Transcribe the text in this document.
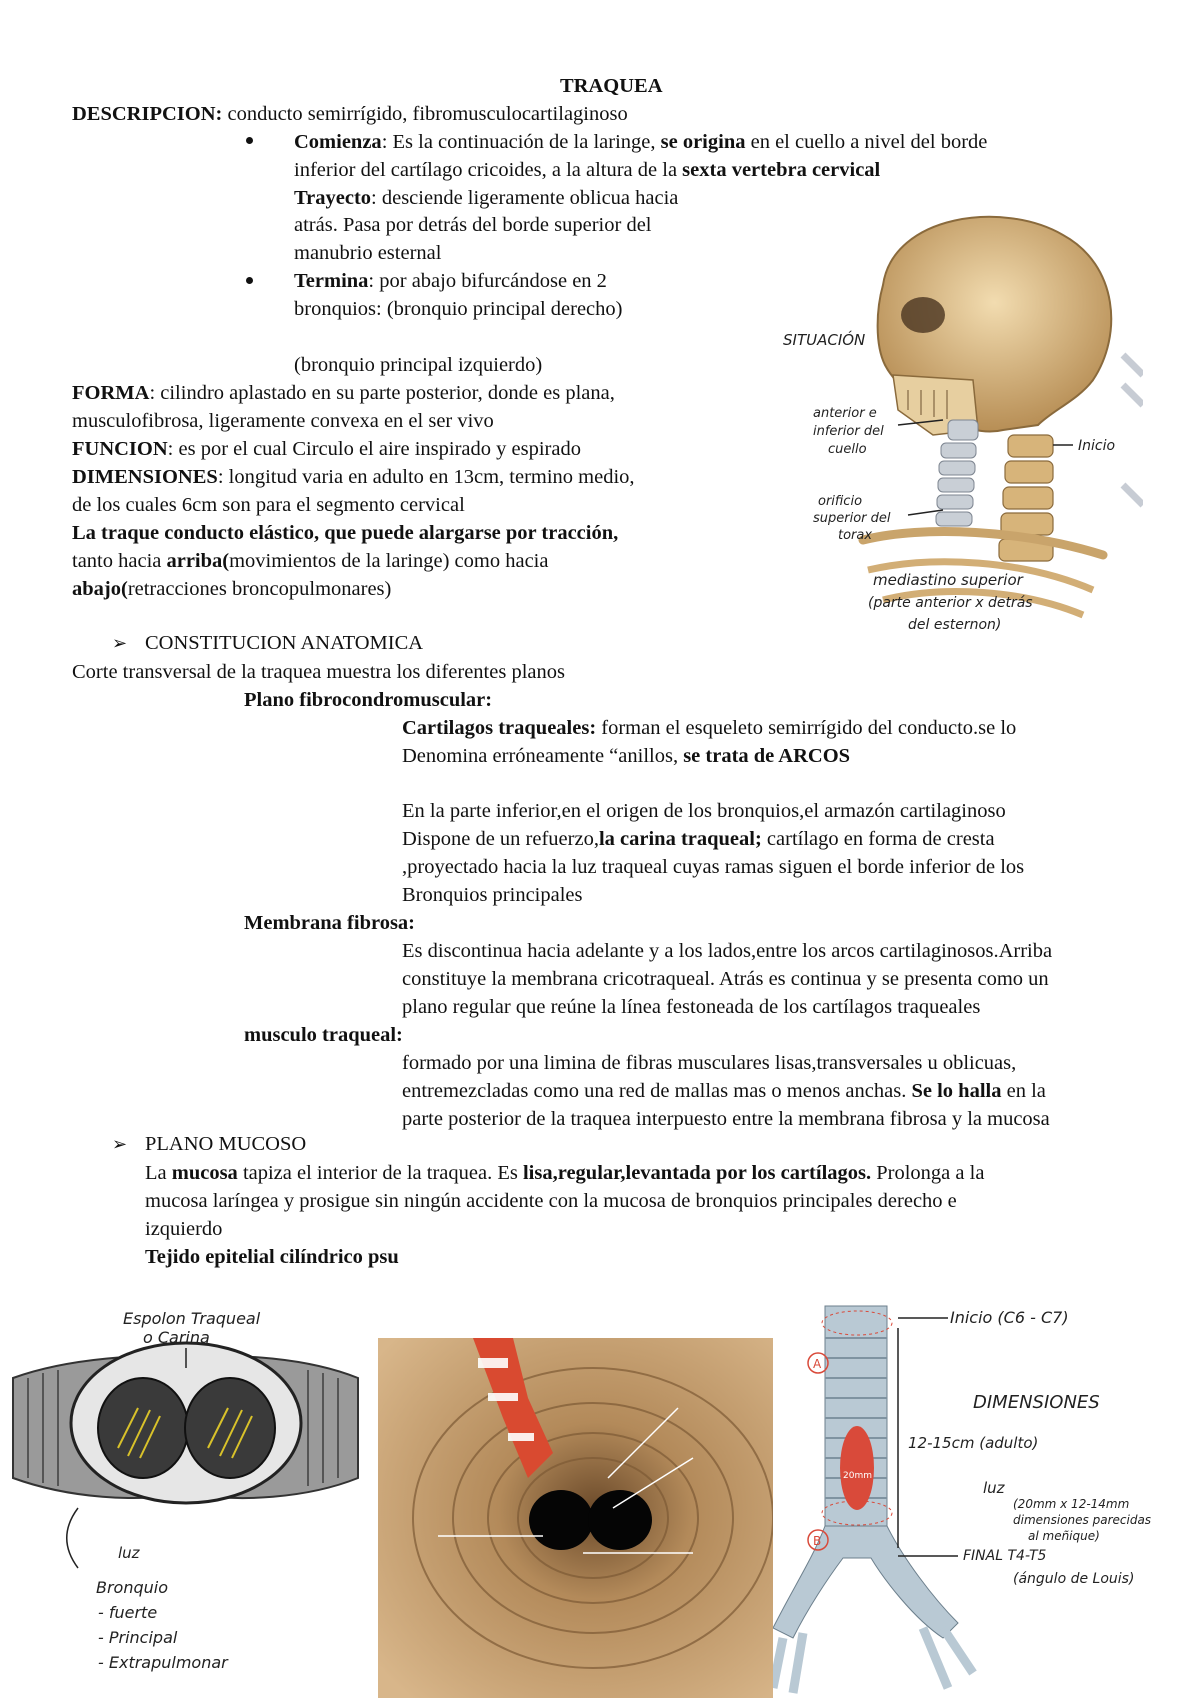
TRAQUEA
DESCRIPCION: conducto semirrígido, fibromusculocartilaginoso
Comienza: Es la continuación de la laringe, se origina en el cuello a nivel del borde
inferior del cartílago cricoides, a la altura de la sexta vertebra cervical
Trayecto: desciende ligeramente oblicua hacia
atrás. Pasa por detrás del borde superior del
manubrio esternal
Termina: por abajo bifurcándose en 2
bronquios: (bronquio principal derecho)
(bronquio principal izquierdo)
FORMA: cilindro aplastado en su parte posterior, donde es plana,
musculofibrosa, ligeramente convexa en el ser vivo
FUNCION: es por el cual Circulo el aire inspirado y espirado
DIMENSIONES: longitud varia en adulto en 13cm, termino medio,
de los cuales 6cm son para el segmento cervical
La traque conducto elástico, que puede alargarse por tracción,
tanto hacia arriba(movimientos de la laringe) como hacia
abajo(retracciones broncopulmonares)
➢ CONSTITUCION ANATOMICA
Corte transversal de la traquea muestra los diferentes planos
Plano fibrocondromuscular:
Cartilagos traqueales: forman el esqueleto semirrígido del conducto.se lo
Denomina erróneamente “anillos, se trata de ARCOS
En la parte inferior,en el origen de los bronquios,el armazón cartilaginoso
Dispone de un refuerzo,la carina traqueal; cartílago en forma de cresta
,proyectado hacia la luz traqueal cuyas ramas siguen el borde inferior de los
Bronquios principales
Membrana fibrosa:
Es discontinua hacia adelante y a los lados,entre los arcos cartilaginosos.Arriba
constituye la membrana cricotraqueal. Atrás es continua y se presenta como un
plano regular que reúne la línea festoneada de los cartílagos traqueales
musculo traqueal:
formado por una limina de fibras musculares lisas,transversales u oblicuas,
entremezcladas como una red de mallas mas o menos anchas. Se lo halla en la
parte posterior de la traquea interpuesto entre la membrana fibrosa y la mucosa
➢ PLANO MUCOSO
La mucosa tapiza el interior de la traquea. Es lisa,regular,levantada por los cartílagos. Prolonga a la
mucosa laríngea y prosigue sin ningún accidente con la mucosa de bronquios principales derecho e
izquierdo
Tejido epitelial cilíndrico psu
SITUACIÓN
anterior e
inferior del
cuello	Inicio
orificio
superior del
torax
mediastino superior
(parte anterior x detrás
del esternon)
Espolon Traqueal
o Carina
luz
Bronquio
- fuerte
- Principal
- Extrapulmonar
20mm
A
B
Inicio (C6 - C7)
DIMENSIONES
12-15cm (adulto)
luz
(20mm x 12-14mm
dimensiones parecidas
al meñique)
FINAL T4-T5
(ángulo de Louis)
